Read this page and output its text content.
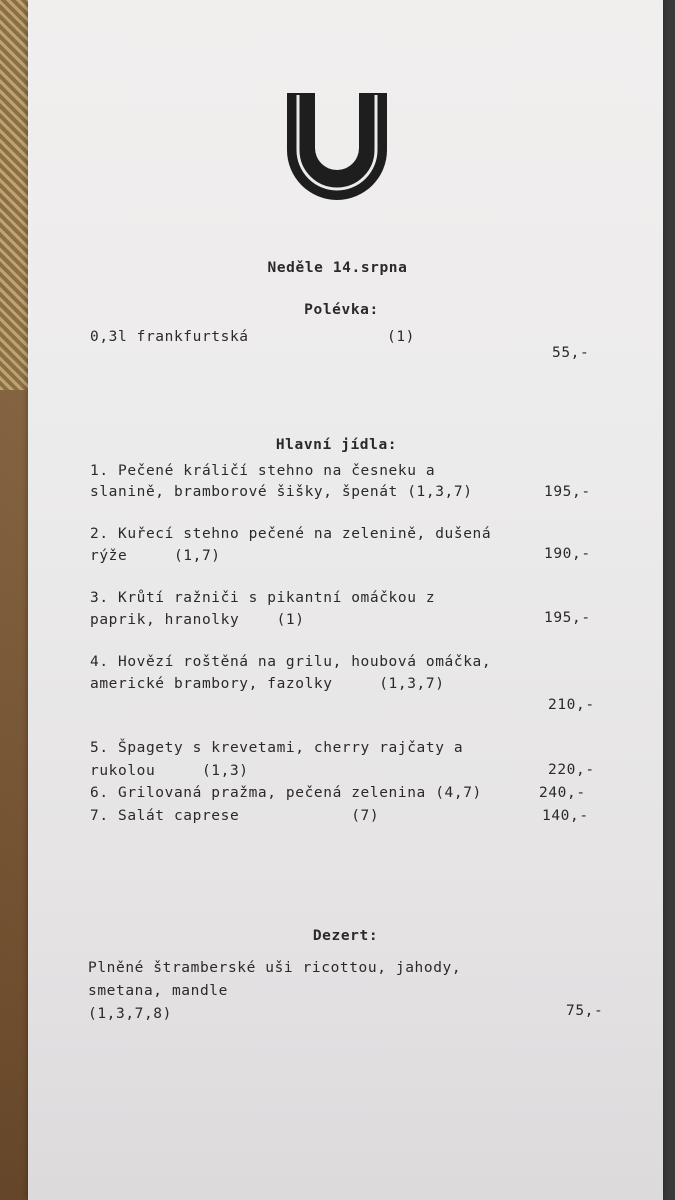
Neděle 14.srpna
Polévka:
0,3l frankfurtská	(1)
55,-
Hlavní jídla:
1. Pečené králičí stehno na česneku a
slanině, bramborové šišky, špenát (1,3,7)	195,-
2. Kuřecí stehno pečené na zelenině, dušená
rýže     (1,7)	190,-
3. Krůtí ražniči s pikantní omáčkou z
paprik, hranolky    (1)	195,-
4. Hovězí roštěná na grilu, houbová omáčka,
americké brambory, fazolky     (1,3,7)
210,-
5. Špagety s krevetami, cherry rajčaty a
rukolou     (1,3)	220,-
6. Grilovaná pražma, pečená zelenina (4,7)	240,-
7. Salát caprese            (7)	140,-
Dezert:
Plněné štramberské uši ricottou, jahody,
smetana, mandle
(1,3,7,8)	75,-
